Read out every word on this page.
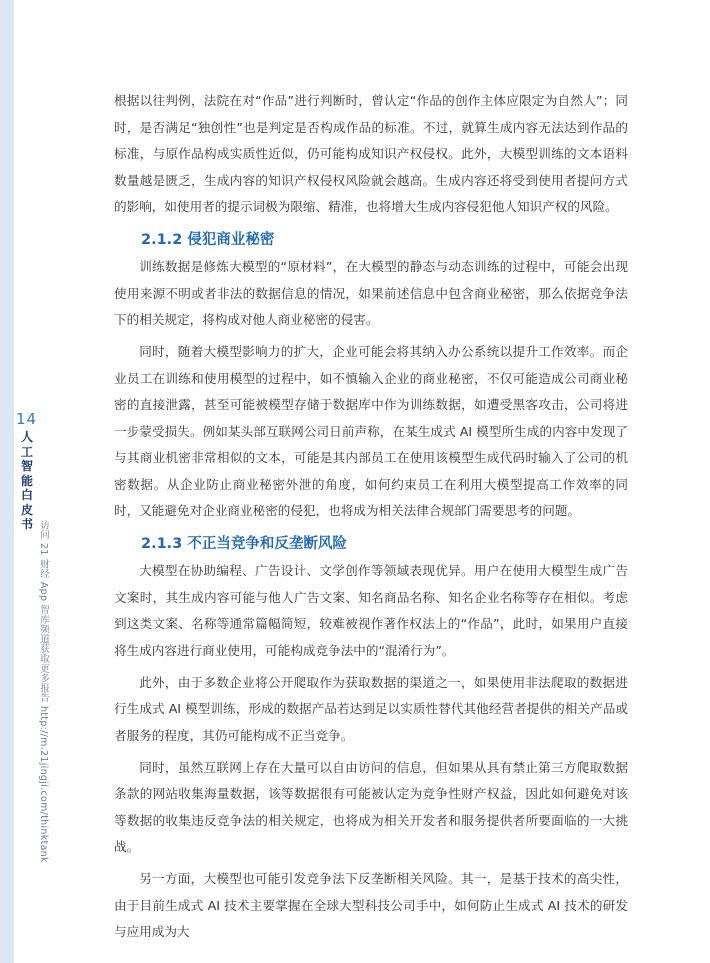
14
人
工
智
能
白
皮
书 访问 21 财经 App 智库频道获取更多报告 http://m.21jingji.com/thinktank

根据以往判例，法院在对“作品”进行判断时，曾认定“作品的创作主体应限定为自然人”；同时，是否满足“独创性”也是判定是否构成作品的标准。不过，就算生成内容无法达到作品的标准，与原作品构成实质性近似，仍可能构成知识产权侵权。此外，大模型训练的文本语料数量越是匮乏，生成内容的知识产权侵权风险就会越高。生成内容还将受到使用者提问方式的影响，如使用者的提示词极为限缩、精准，也将增大生成内容侵犯他人知识产权的风险。

2.1.2 侵犯商业秘密

训练数据是修炼大模型的“原材料”，在大模型的静态与动态训练的过程中，可能会出现使用来源不明或者非法的数据信息的情况，如果前述信息中包含商业秘密，那么依据竞争法下的相关规定，将构成对他人商业秘密的侵害。

同时，随着大模型影响力的扩大，企业可能会将其纳入办公系统以提升工作效率。而企业员工在训练和使用模型的过程中，如不慎输入企业的商业秘密，不仅可能造成公司商业秘密的直接泄露，甚至可能被模型存储于数据库中作为训练数据，如遭受黑客攻击，公司将进一步蒙受损失。例如某头部互联网公司日前声称，在某生成式 AI 模型所生成的内容中发现了与其商业机密非常相似的文本，可能是其内部员工在使用该模型生成代码时输入了公司的机密数据。从企业防止商业秘密外泄的角度，如何约束员工在利用大模型提高工作效率的同时，又能避免对企业商业秘密的侵犯，也将成为相关法律合规部门需要思考的问题。

2.1.3 不正当竞争和反垄断风险

大模型在协助编程、广告设计、文学创作等领域表现优异。用户在使用大模型生成广告文案时，其生成内容可能与他人广告文案、知名商品名称、知名企业名称等存在相似。考虑到这类文案、名称等通常篇幅简短，较难被视作著作权法上的“作品”，此时，如果用户直接将生成内容进行商业使用，可能构成竞争法中的“混淆行为”。

此外，由于多数企业将公开爬取作为获取数据的渠道之一，如果使用非法爬取的数据进行生成式 AI 模型训练，形成的数据产品若达到足以实质性替代其他经营者提供的相关产品或者服务的程度，其仍可能构成不正当竞争。

同时，虽然互联网上存在大量可以自由访问的信息，但如果从具有禁止第三方爬取数据条款的网站收集海量数据，该等数据很有可能被认定为竞争性财产权益，因此如何避免对该等数据的收集违反竞争法的相关规定，也将成为相关开发者和服务提供者所要面临的一大挑战。

另一方面，大模型也可能引发竞争法下反垄断相关风险。其一，是基于技术的高尖性，由于目前生成式 AI 技术主要掌握在全球大型科技公司手中，如何防止生成式 AI 技术的研发与应用成为大
